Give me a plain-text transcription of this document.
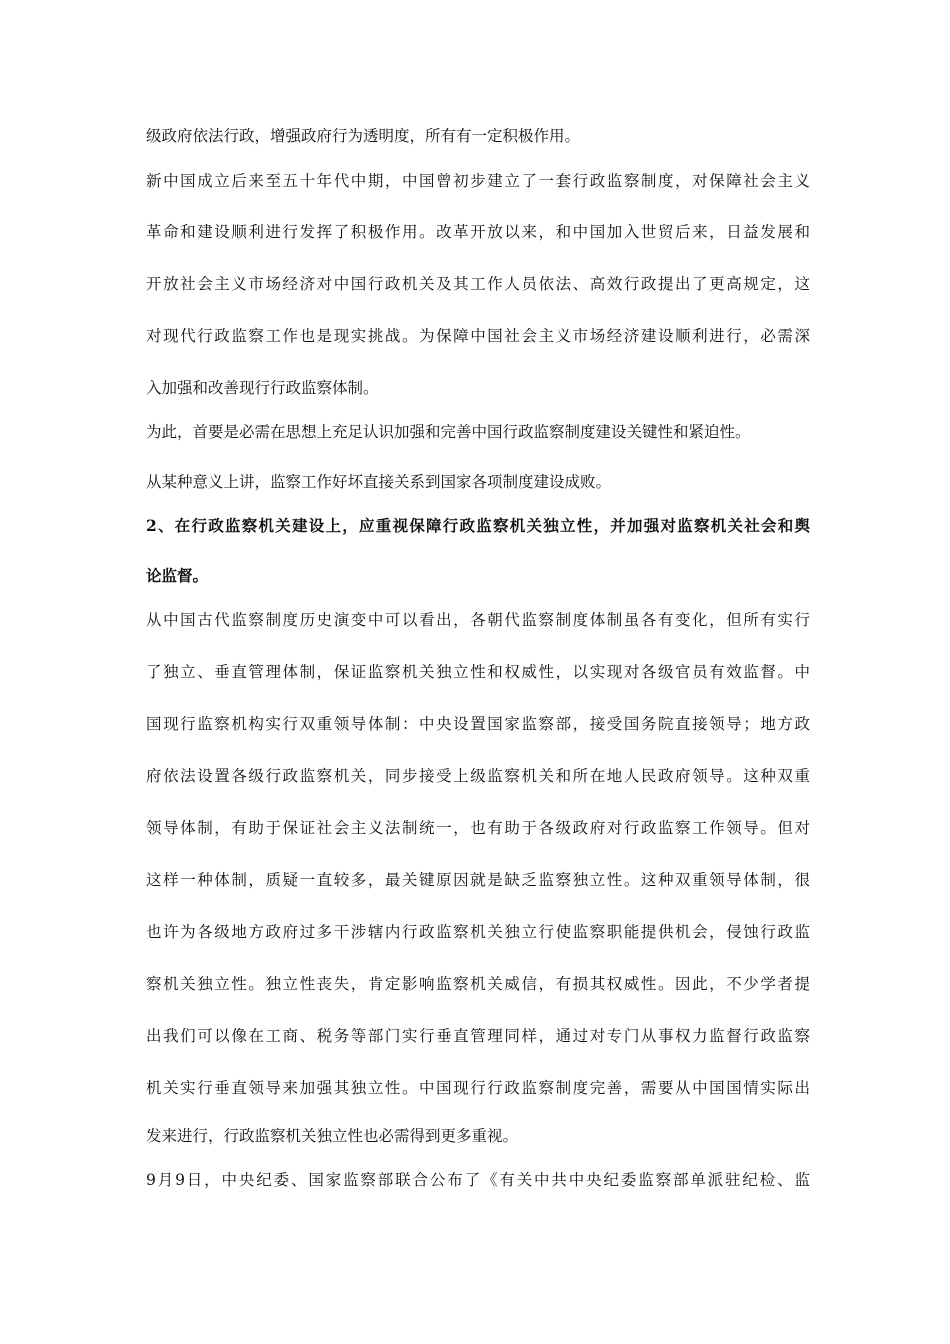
级政府依法行政，增强政府行为透明度，所有有一定积极作用。
新中国成立后来至五十年代中期，中国曾初步建立了一套行政监察制度，对保障社会主义
革命和建设顺利进行发挥了积极作用。改革开放以来，和中国加入世贸后来，日益发展和
开放社会主义市场经济对中国行政机关及其工作人员依法、高效行政提出了更高规定，这
对现代行政监察工作也是现实挑战。为保障中国社会主义市场经济建设顺利进行，必需深
入加强和改善现行行政监察体制。
为此，首要是必需在思想上充足认识加强和完善中国行政监察制度建设关键性和紧迫性。
从某种意义上讲，监察工作好坏直接关系到国家各项制度建设成败。
2、在行政监察机关建设上，应重视保障行政监察机关独立性，并加强对监察机关社会和舆
论监督。
从中国古代监察制度历史演变中可以看出，各朝代监察制度体制虽各有变化，但所有实行
了独立、垂直管理体制，保证监察机关独立性和权威性，以实现对各级官员有效监督。中
国现行监察机构实行双重领导体制：中央设置国家监察部，接受国务院直接领导；地方政
府依法设置各级行政监察机关，同步接受上级监察机关和所在地人民政府领导。这种双重
领导体制，有助于保证社会主义法制统一，也有助于各级政府对行政监察工作领导。但对
这样一种体制，质疑一直较多，最关键原因就是缺乏监察独立性。这种双重领导体制，很
也许为各级地方政府过多干涉辖内行政监察机关独立行使监察职能提供机会，侵蚀行政监
察机关独立性。独立性丧失，肯定影响监察机关威信，有损其权威性。因此，不少学者提
出我们可以像在工商、税务等部门实行垂直管理同样，通过对专门从事权力监督行政监察
机关实行垂直领导来加强其独立性。中国现行行政监察制度完善，需要从中国国情实际出
发来进行，行政监察机关独立性也必需得到更多重视。
9月9日，中央纪委、国家监察部联合公布了《有关中共中央纪委监察部单派驻纪检、监
